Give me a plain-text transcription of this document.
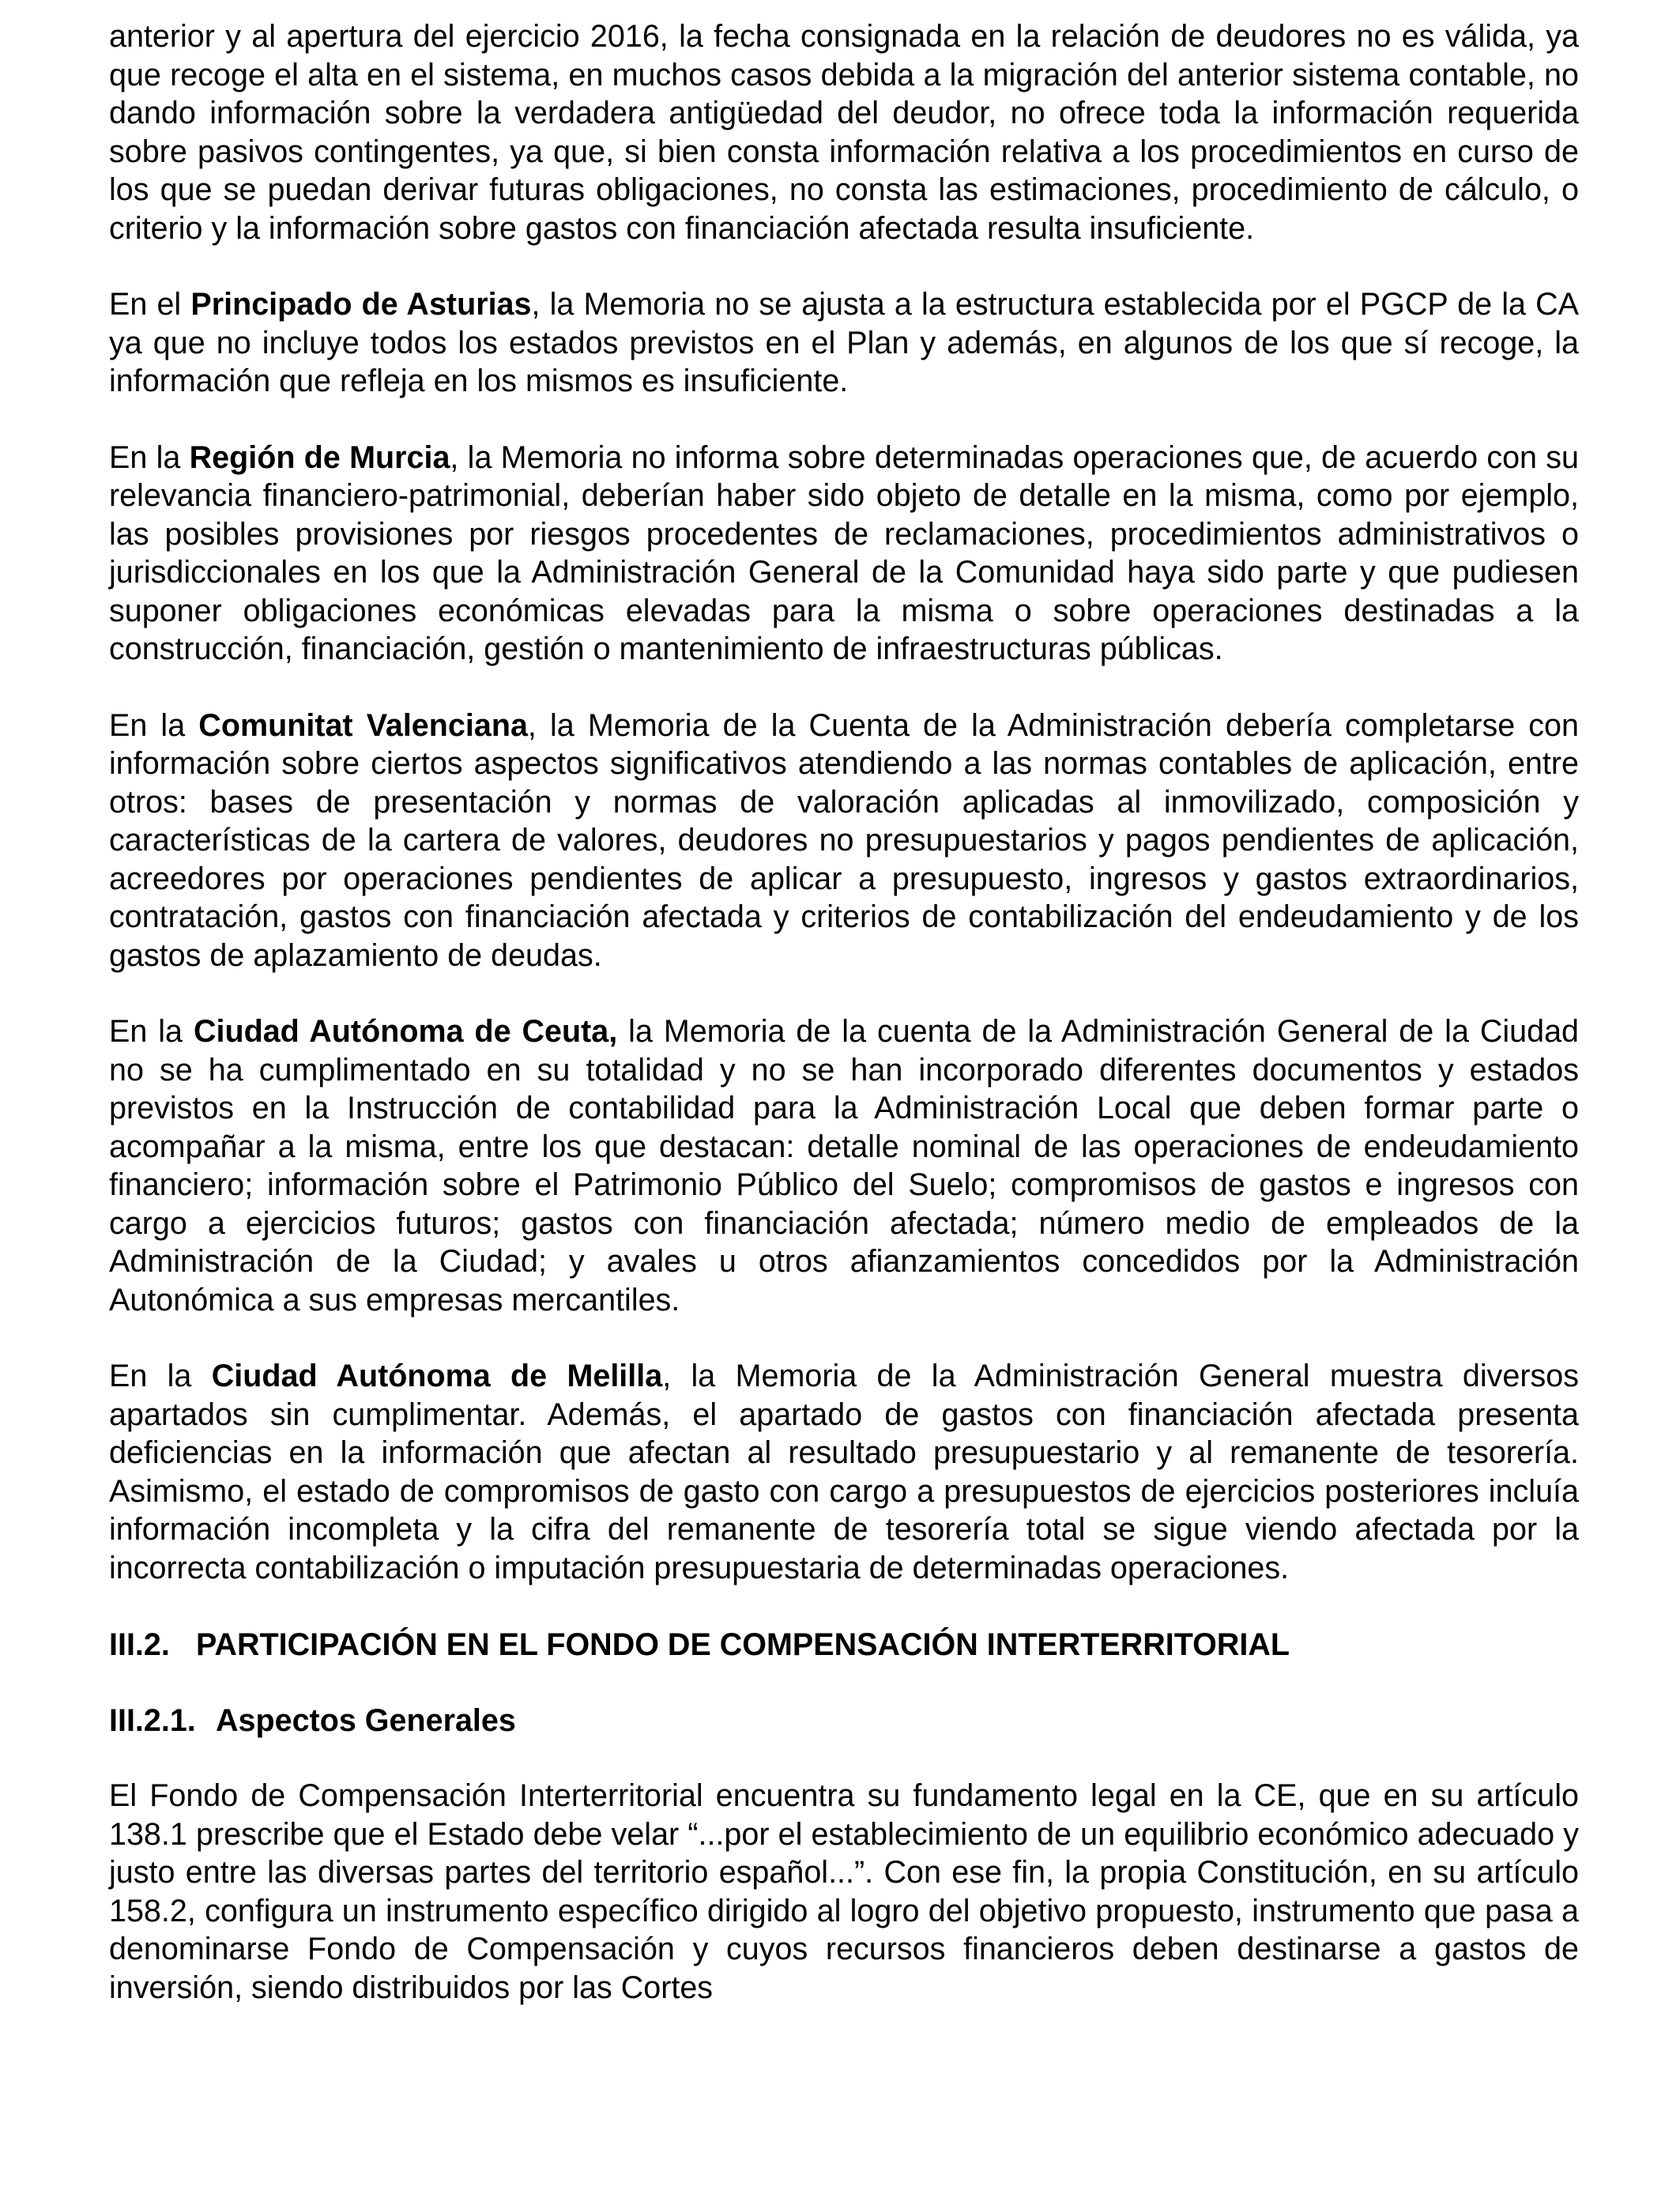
anterior y al apertura del ejercicio 2016, la fecha consignada en la relación de deudores no es válida, ya que recoge el alta en el sistema, en muchos casos debida a la migración del anterior sistema contable, no dando información sobre la verdadera antigüedad del deudor, no ofrece toda la información requerida sobre pasivos contingentes, ya que, si bien consta información relativa a los procedimientos en curso de los que se puedan derivar futuras obligaciones, no consta las estimaciones, procedimiento de cálculo, o criterio y la información sobre gastos con financiación afectada resulta insuficiente.

En el Principado de Asturias, la Memoria no se ajusta a la estructura establecida por el PGCP de la CA ya que no incluye todos los estados previstos en el Plan y además, en algunos de los que sí recoge, la información que refleja en los mismos es insuficiente.

En la Región de Murcia, la Memoria no informa sobre determinadas operaciones que, de acuerdo con su relevancia financiero-patrimonial, deberían haber sido objeto de detalle en la misma, como por ejemplo, las posibles provisiones por riesgos procedentes de reclamaciones, procedimientos administrativos o jurisdiccionales en los que la Administración General de la Comunidad haya sido parte y que pudiesen suponer obligaciones económicas elevadas para la misma o sobre operaciones destinadas a la construcción, financiación, gestión o mantenimiento de infraestructuras públicas.

En la Comunitat Valenciana, la Memoria de la Cuenta de la Administración debería completarse con información sobre ciertos aspectos significativos atendiendo a las normas contables de aplicación, entre otros: bases de presentación y normas de valoración aplicadas al inmovilizado, composición y características de la cartera de valores, deudores no presupuestarios y pagos pendientes de aplicación, acreedores por operaciones pendientes de aplicar a presupuesto, ingresos y gastos extraordinarios, contratación, gastos con financiación afectada y criterios de contabilización del endeudamiento y de los gastos de aplazamiento de deudas.

En la Ciudad Autónoma de Ceuta, la Memoria de la cuenta de la Administración General de la Ciudad no se ha cumplimentado en su totalidad y no se han incorporado diferentes documentos y estados previstos en la Instrucción de contabilidad para la Administración Local que deben formar parte o acompañar a la misma, entre los que destacan: detalle nominal de las operaciones de endeudamiento financiero; información sobre el Patrimonio Público del Suelo; compromisos de gastos e ingresos con cargo a ejercicios futuros; gastos con financiación afectada; número medio de empleados de la Administración de la Ciudad; y avales u otros afianzamientos concedidos por la Administración Autonómica a sus empresas mercantiles.

En la Ciudad Autónoma de Melilla, la Memoria de la Administración General muestra diversos apartados sin cumplimentar. Además, el apartado de gastos con financiación afectada presenta deficiencias en la información que afectan al resultado presupuestario y al remanente de tesorería. Asimismo, el estado de compromisos de gasto con cargo a presupuestos de ejercicios posteriores incluía información incompleta y la cifra del remanente de tesorería total se sigue viendo afectada por la incorrecta contabilización o imputación presupuestaria de determinadas operaciones.

III.2. PARTICIPACIÓN EN EL FONDO DE COMPENSACIÓN INTERTERRITORIAL
III.2.1. Aspectos Generales

El Fondo de Compensación Interterritorial encuentra su fundamento legal en la CE, que en su artículo 138.1 prescribe que el Estado debe velar “...por el establecimiento de un equilibrio económico adecuado y justo entre las diversas partes del territorio español...”. Con ese fin, la propia Constitución, en su artículo 158.2, configura un instrumento específico dirigido al logro del objetivo propuesto, instrumento que pasa a denominarse Fondo de Compensación y cuyos recursos financieros deben destinarse a gastos de inversión, siendo distribuidos por las Cortes
